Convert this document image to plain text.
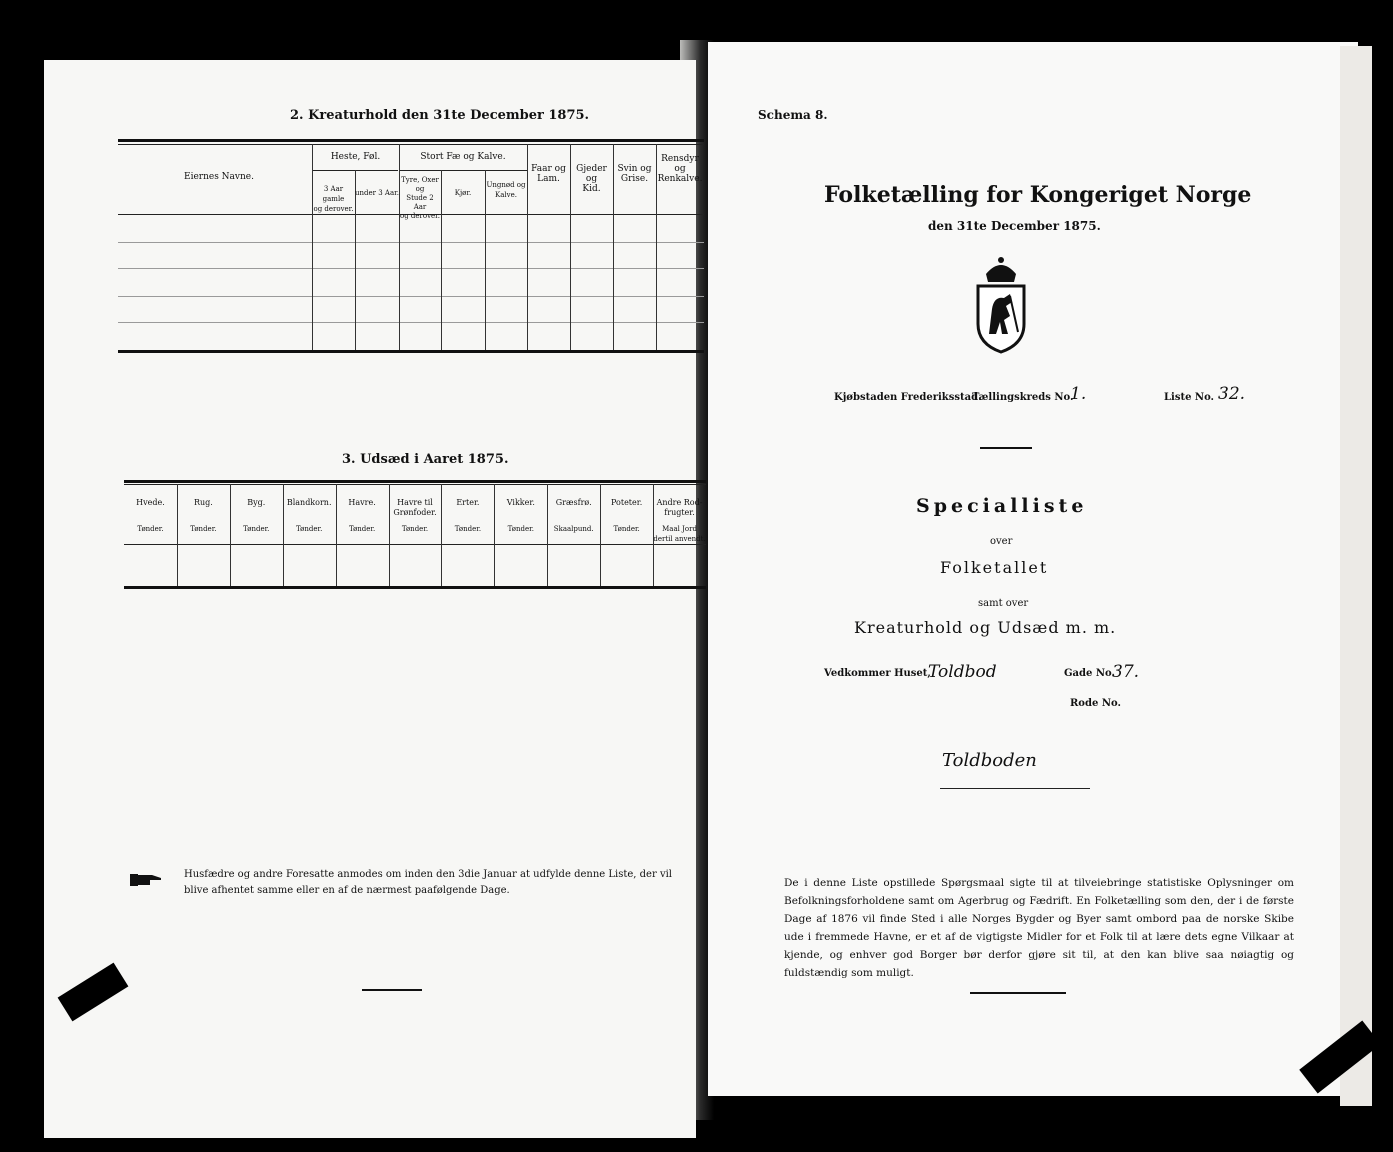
2. Kreaturhold den 31te December 1875.
Eiernes Navne.
Heste, Føl.
3 Aar gamle
og derover.
under 3 Aar.
Stort Fæ og Kalve.
Tyre, Oxer og
Stude 2 Aar
og derover.
Kjør.
Ungnød og
Kalve.
Faar og
Lam.
Gjeder og
Kid.
Svin og
Grise.
Rensdyr
og
Renkalve.
3. Udsæd i Aaret 1875.
Hvede.
Tønder.
Rug.
Tønder.
Byg.
Tønder.
Blandkorn.
Tønder.
Havre.
Tønder.
Havre til
Grønfoder.
Tønder.
Erter.
Tønder.
Vikker.
Tønder.
Græsfrø.
Skaalpund.
Poteter.
Tønder.
Andre Rod-
frugter.
Maal Jord
dertil anvendt.
Husfædre og andre Foresatte anmodes om inden den 3die Januar at udfylde denne Liste, der vil blive afhentet samme eller en af de nærmest paafølgende Dage.
Schema 8.
Folketælling for Kongeriget Norge
den 31te December 1875.
Kjøbstaden Frederiksstad.
Tællingskreds No.
1.	Liste No. 32.
Specialliste
over
Folketallet
samt over
Kreaturhold og Udsæd m. m.
Vedkommer Huset,
Toldbod	Gade No.
37.
Rode No.
Toldboden
De i denne Liste opstillede Spørgsmaal sigte til at tilveiebringe statistiske Oplysninger om Befolkningsforholdene samt om Agerbrug og Fædrift. En Folketælling som den, der i de første Dage af 1876 vil finde Sted i alle Norges Bygder og Byer samt ombord paa de norske Skibe ude i fremmede Havne, er et af de vigtigste Midler for et Folk til at lære dets egne Vilkaar at kjende, og enhver god Borger bør derfor gjøre sit til, at den kan blive saa nøiagtig og fuldstændig som muligt.
